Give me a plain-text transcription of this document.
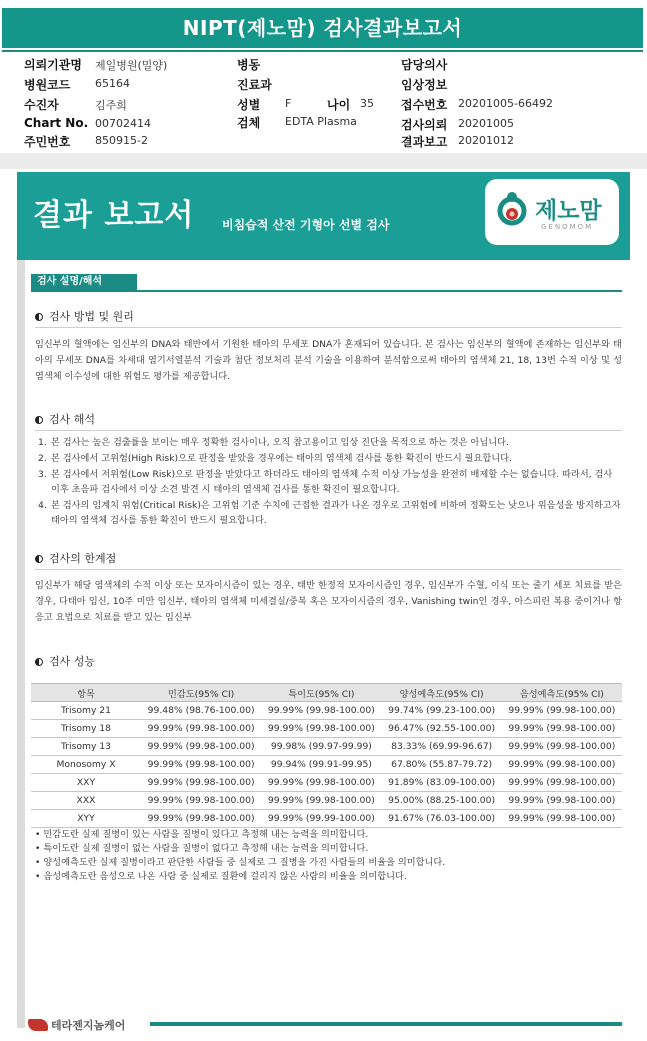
NIPT(제노맘) 검사결과보고서
의뢰기관명 제일병원(밀양)
병원코드 65164
수진자	김주희
Chart No. 00702414
주민번호 850915-2
병동
진료과
성별 F	나이 35
검체 EDTA Plasma
담당의사
임상정보
접수번호 20201005-66492
검사의뢰 20201005
결과보고 20201012
결과 보고서 비침습적 산전 기형아 선별 검사
제노맘
GENOMOM
검사 설명/해석
검사 방법 및 원리
임신부의 혈액에는 임신부의 DNA와 태반에서 기원한 태아의 무세포 DNA가 혼재되어 있습니다. 본 검사는 임신부의 혈액에 존재하는 임신부와 태아의 무세포 DNA를 차세대 염기서열분석 기술과 첨단 정보처리 분석 기술을 이용하여 분석함으로써 태아의 염색체 21, 18, 13번 수적 이상 및 성염색체 이수성에 대한 위험도 평가를 제공합니다.
검사 해석
1. 본 검사는 높은 검출률을 보이는 매우 정확한 검사이나, 오직 참고용이고 임상 진단을 목적으로 하는 것은 아닙니다.
2. 본 검사에서 고위험(High Risk)으로 판정을 받았을 경우에는 태아의 염색체 검사를 통한 확진이 반드시 필요합니다.
3. 본 검사에서 저위험(Low Risk)으로 판정을 받았다고 하더라도 태아의 염색체 수적 이상 가능성을 완전히 배제할 수는 없습니다. 따라서, 검사 이후 초음파 검사에서 이상 소견 발견 시 태아의 염색체 검사를 통한 확진이 필요합니다.
4. 본 검사의 임계치 위험(Critical Risk)은 고위험 기준 수치에 근접한 결과가 나온 경우로 고위험에 비하여 정확도는 낮으나 위음성을 방지하고자 태아의 염색체 검사를 통한 확진이 반드시 필요합니다.
검사의 한계점
임신부가 해당 염색체의 수적 이상 또는 모자이시즘이 있는 경우, 태반 한정적 모자이시즘인 경우, 임신부가 수혈, 이식 또는 줄기 세포 치료를 받은 경우, 다태아 임신, 10주 미만 임신부, 태아의 염색체 미세결실/중복 혹은 모자이시즘의 경우, Vanishing twin인 경우, 아스피린 복용 중이거나 항 응고 요법으로 치료를 받고 있는 임신부
검사 성능
항목	민감도(95% CI)	특이도(95% CI)	양성예측도(95% CI)	음성예측도(95% CI)
Trisomy 21	99.48% (98.76-100.00)	99.99% (99.98-100.00)	99.74% (99.23-100.00)	99.99% (99.98-100.00)
Trisomy 18	99.99% (99.98-100.00)	99.99% (99.98-100.00)	96.47% (92.55-100.00)	99.99% (99.98-100.00)
Trisomy 13	99.99% (99.98-100.00)	99.98% (99.97-99.99)	83.33% (69.99-96.67)	99.99% (99.98-100.00)
Monosomy X	99.99% (99.98-100.00)	99.94% (99.91-99.95)	67.80% (55.87-79.72)	99.99% (99.98-100.00)
XXY	99.99% (99.98-100.00)	99.99% (99.98-100.00)	91.89% (83.09-100.00)	99.99% (99.98-100.00)
XXX	99.99% (99.98-100.00)	99.99% (99.98-100.00)	95.00% (88.25-100.00)	99.99% (99.98-100.00)
XYY	99.99% (99.98-100.00)	99.99% (99.99-100.00)	91.67% (76.03-100.00)	99.99% (99.98-100.00)
• 민감도란 실제 질병이 있는 사람을 질병이 있다고 측정해 내는 능력을 의미합니다.
• 특이도란 실제 질병이 없는 사람을 질병이 없다고 측정해 내는 능력을 의미합니다.
• 양성예측도란 실제 질병이라고 판단한 사람들 중 실제로 그 질병을 가진 사람들의 비율을 의미합니다.
• 음성예측도란 음성으로 나온 사람 중 실제로 질환에 걸리지 않은 사람의 비율을 의미합니다.
테라젠지놈케어
